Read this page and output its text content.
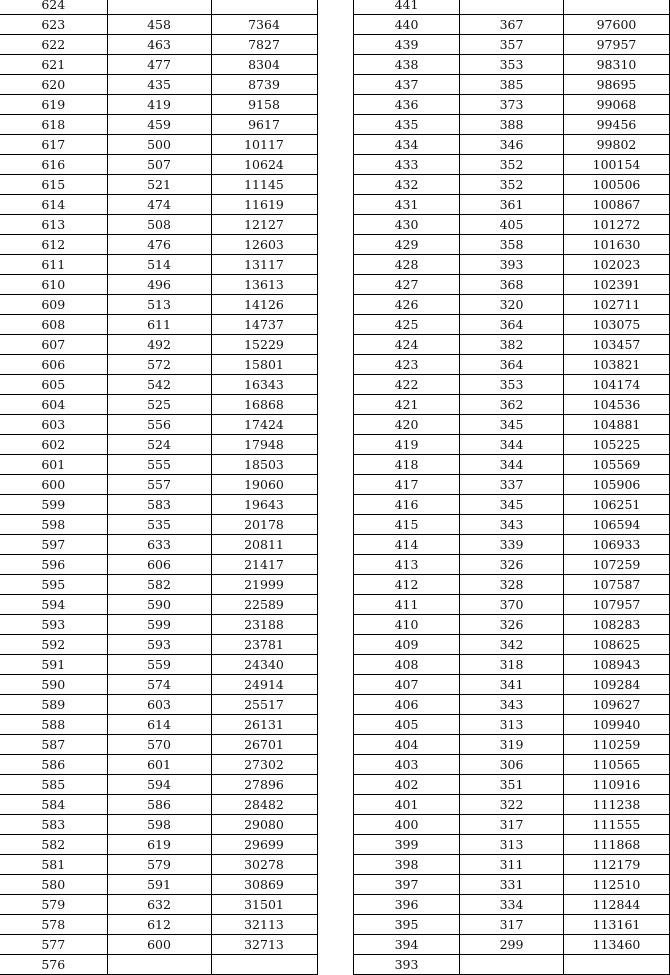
624		
623	458	7364
622	463	7827
621	477	8304
620	435	8739
619	419	9158
618	459	9617
617	500	10117
616	507	10624
615	521	11145
614	474	11619
613	508	12127
612	476	12603
611	514	13117
610	496	13613
609	513	14126
608	611	14737
607	492	15229
606	572	15801
605	542	16343
604	525	16868
603	556	17424
602	524	17948
601	555	18503
600	557	19060
599	583	19643
598	535	20178
597	633	20811
596	606	21417
595	582	21999
594	590	22589
593	599	23188
592	593	23781
591	559	24340
590	574	24914
589	603	25517
588	614	26131
587	570	26701
586	601	27302
585	594	27896
584	586	28482
583	598	29080
582	619	29699
581	579	30278
580	591	30869
579	632	31501
578	612	32113
577	600	32713
576		
441		
440	367	97600
439	357	97957
438	353	98310
437	385	98695
436	373	99068
435	388	99456
434	346	99802
433	352	100154
432	352	100506
431	361	100867
430	405	101272
429	358	101630
428	393	102023
427	368	102391
426	320	102711
425	364	103075
424	382	103457
423	364	103821
422	353	104174
421	362	104536
420	345	104881
419	344	105225
418	344	105569
417	337	105906
416	345	106251
415	343	106594
414	339	106933
413	326	107259
412	328	107587
411	370	107957
410	326	108283
409	342	108625
408	318	108943
407	341	109284
406	343	109627
405	313	109940
404	319	110259
403	306	110565
402	351	110916
401	322	111238
400	317	111555
399	313	111868
398	311	112179
397	331	112510
396	334	112844
395	317	113161
394	299	113460
393		
